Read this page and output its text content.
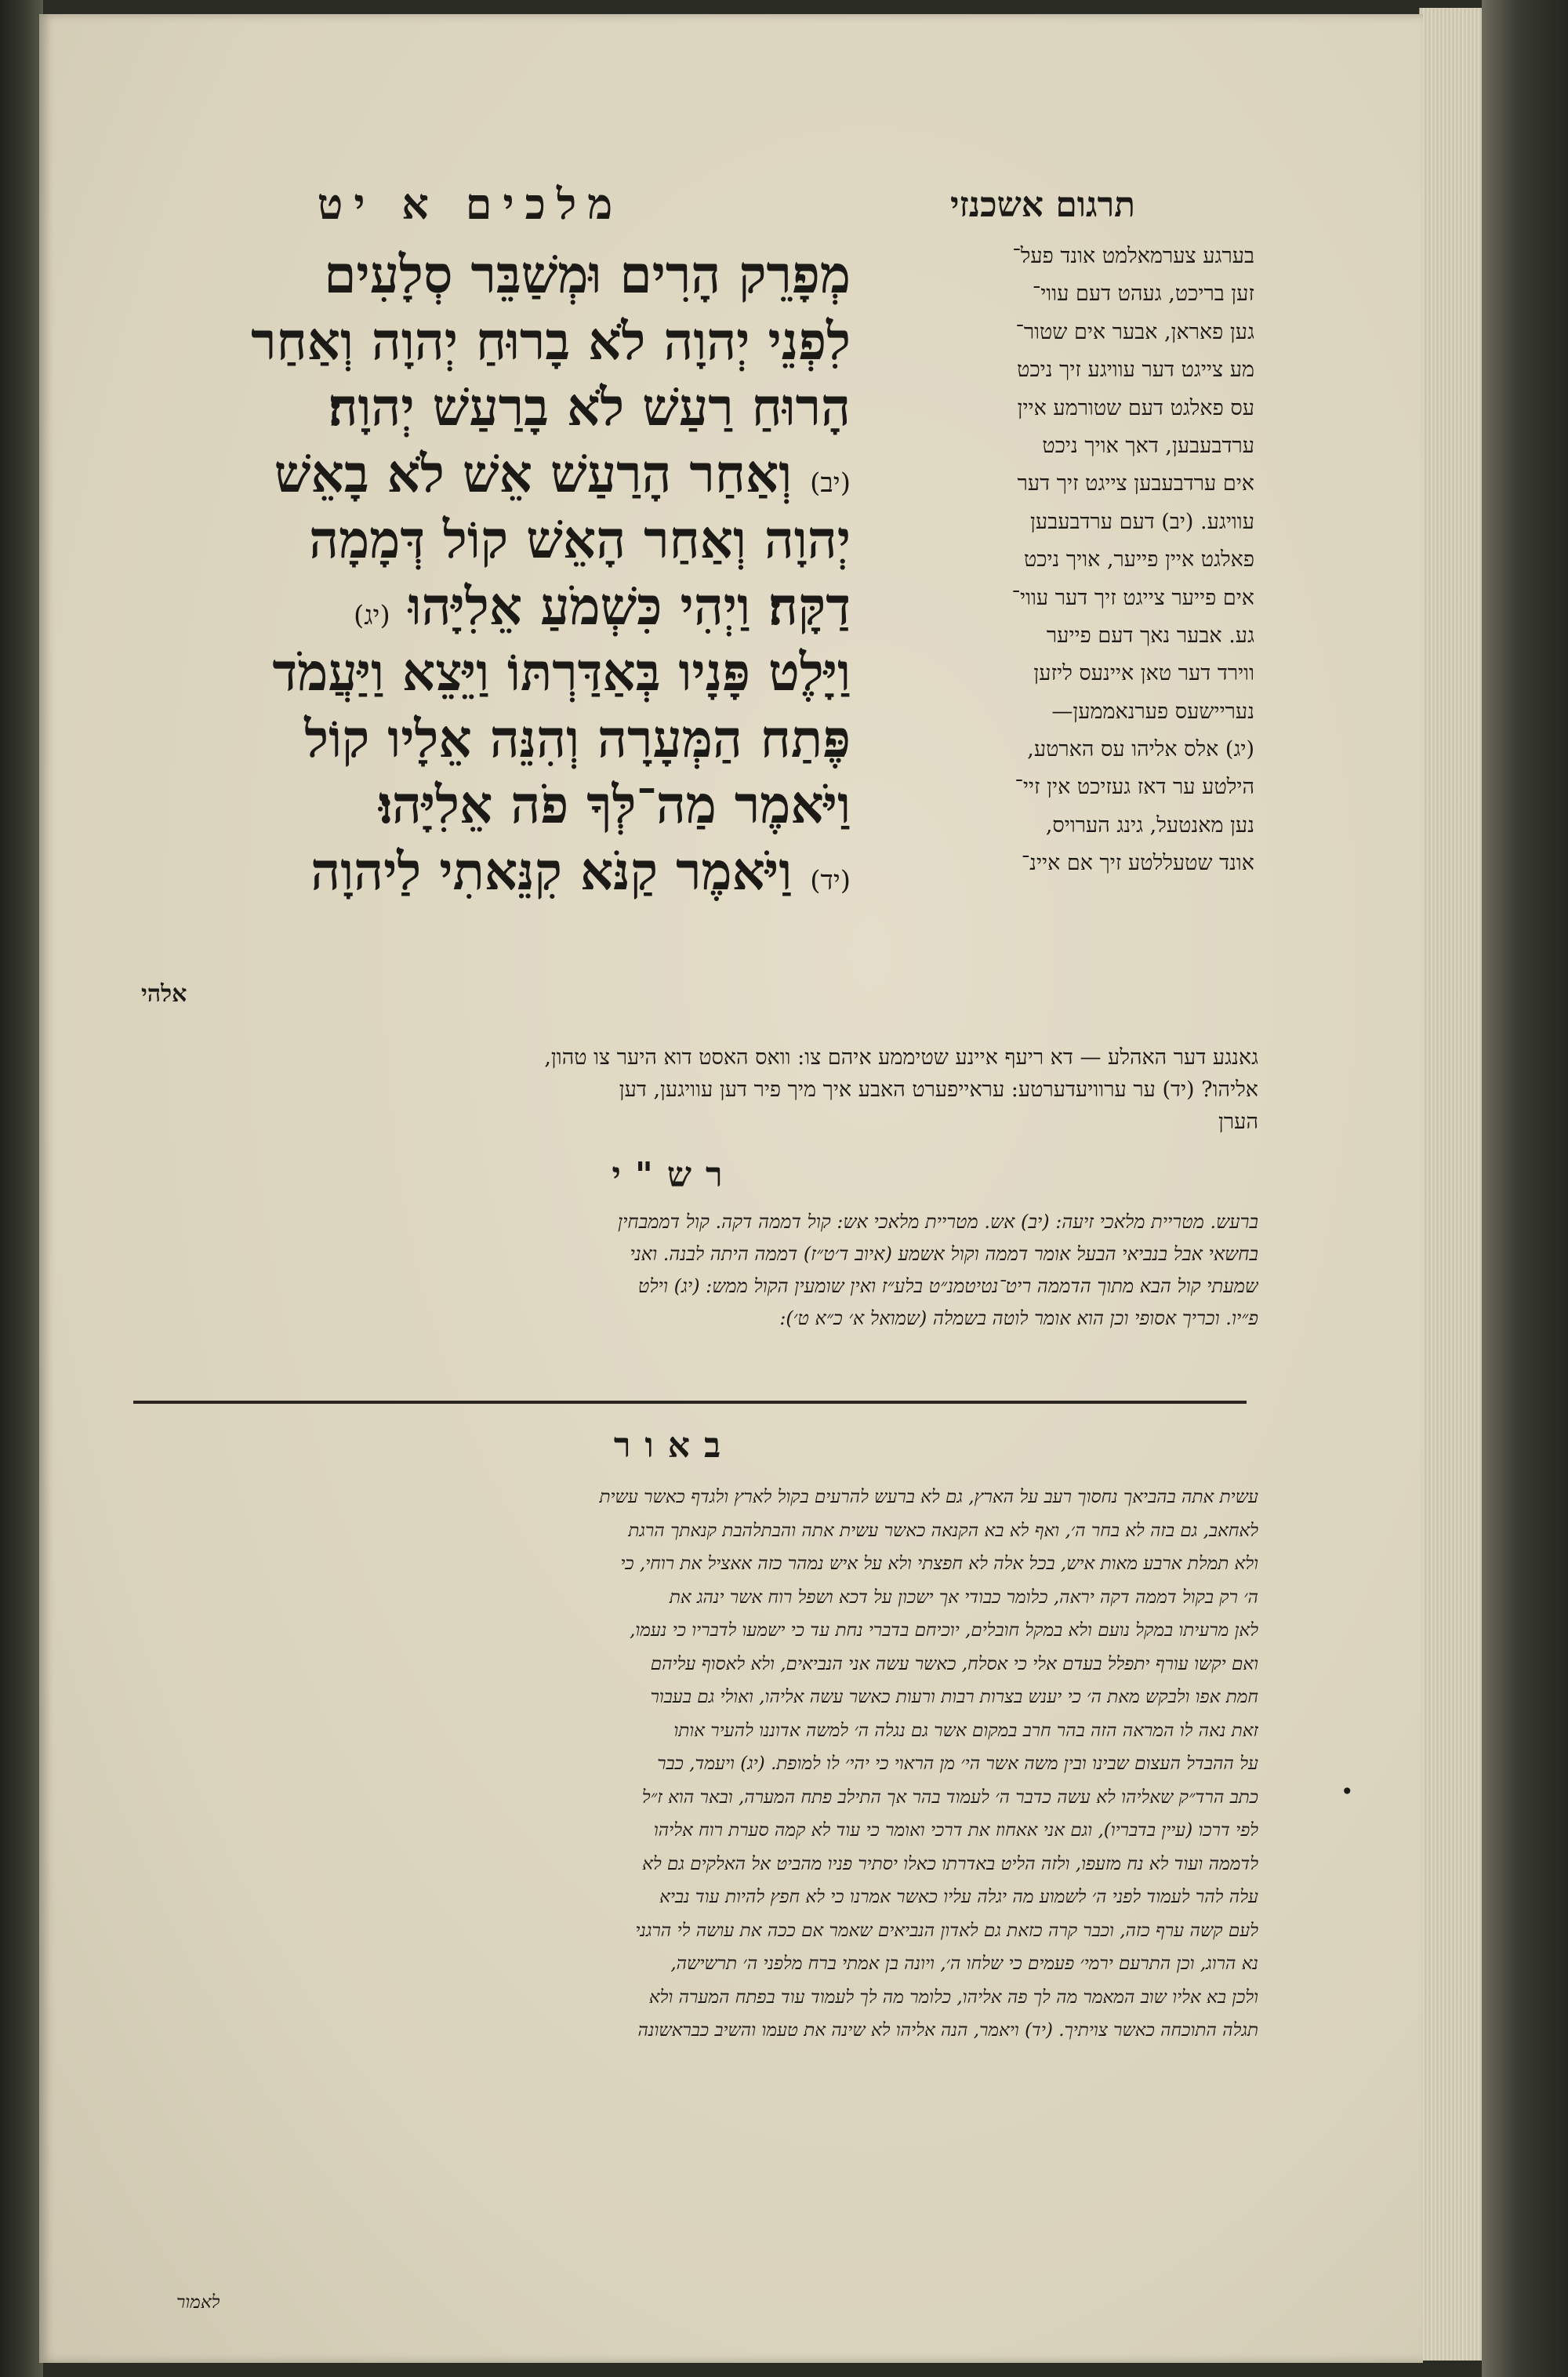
מלכים א יט	תרגום אשכנזי
מְפָרֵק הָרִים וּמְשַׁבֵּר סְלָעִים
לִפְנֵי יְהוָה לֹא בָרוּחַ יְהוָה וְאַחַר
הָרוּחַ רַעַשׁ לֹא בָרַעַשׁ יְהוָה׃
(יב) וְאַחַר הָרַעַשׁ אֵשׁ לֹא בָאֵשׁ
יְהוָה וְאַחַר הָאֵשׁ קוֹל דְּמָמָה
דַקָּה׃ וַיְהִי כִּשְׁמֹעַ אֵלִיָּהוּ (יג)
וַיָּלֶט פָּנָיו בְּאַדַּרְתּוֹ וַיֵּצֵא וַיַּעֲמֹד
פֶּתַח הַמְּעָרָה וְהִנֵּה אֵלָיו קוֹל
וַיֹּאמֶר מַה־לְּךָ פֹה אֵלִיָּהוּ׃
(יד) וַיֹּאמֶר קַנֹּא קִנֵּאתִי לַיהוָה
אלהי
בערגע צערמאלמט אונד פעל־
זען בריכט, געהט דעם עווי־
גען פאראן, אבער אים שטור־
מע צייגט דער עוויגע זיך ניכט
עס פאלגט דעם שטורמע איין
ערדבעבען, דאך אויך ניכט
אים ערדבעבען צייגט זיך דער
עוויגע. (יב) דעם ערדבעבען
פאלגט איין פייער, אויך ניכט
אים פייער צייגט זיך דער עווי־
גע. אבער נאך דעם פייער
ווירד דער טאן איינעס ליזען
נעריישעס פערנאממען—
(יג) אלס אליהו עס הארטע,
הילטע ער דאז געזיכט אין זיי־
נען מאנטעל, גינג הערויס,
אונד שטעללטע זיך אם איינ־
גאנגע דער האהלע — דא ריעף איינע שטיממע איהם צו: וואס האסט דוא היער צו טהון,
אליהו? (יד) ער ערוויעדערטע: עראייפערט האבע איך מיך פיר דען עוויגען, דען
הערן
רש"י
ברעש. מטריית מלאכי זיעה: (יב) אש. מטריית מלאכי אש: קול דממה דקה. קול דממבחין
בחשאי אבל בנביאי הבעל אומר דממה וקול אשמע (איוב ד׳ט״ז) דממה היתה לבנה. ואני
שמעתי קול הבא מתוך הדממה ריט־נטיטמנ״ט בלע״ז ואין שומעין הקול ממש: (יג) וילט
פ״יו. וכריך אסופי וכן הוא אומר לוטה בשמלה (שמואל א׳ כ״א ט׳):
באור
עשית אתה בהביאך נחסוך רעב על הארץ, גם לא ברעש להרעים בקול לארץ ולגדף כאשר עשית
לאחאב, גם בזה לא בחר ה׳, ואף לא בא הקנאה כאשר עשית אתה והבתלהבת קנאתך הרגת
ולא תמלת ארבע מאות איש, בכל אלה לא חפצתי ולא על איש נמהר כזה אאציל את רוחי, כי
ה׳ רק בקול דממה דקה יראה, כלומר כבודי אך ישכון על דכא ושפל רוח אשר ינהג את
לאן מרעיתו במקל נועם ולא במקל חובלים, יוכיחם בדברי נחת עד כי ישמעו לדבריו כי נעמו,
ואם יקשו עורף יתפלל בעדם אלי כי אסלח, כאשר עשה אני הנביאים, ולא לאסוף עליהם
חמת אפו ולבקש מאת ה׳ כי יענש בצרות רבות ורעות כאשר עשה אליהו, ואולי גם בעבור
זאת נאה לו המראה הזה בהר חרב במקום אשר גם נגלה ה׳ למשה אדוננו להעיר אותו
על ההבדל העצום שבינו ובין משה אשר הי׳ מן הראוי כי יהי׳ לו למופת. (יג) ויעמד, כבר
כתב הרד״ק שאליהו לא עשה כדבר ה׳ לעמוד בהר אך התילב פתח המערה, ובאר הוא ז״ל
לפי דרכו (עיין בדבריו), וגם אני אאחוז את דרכי ואומר כי עוד לא קמה סערת רוח אליהו
לדממה ועוד לא נח מזעפו, ולזה הליט באדרתו כאלו יסתיר פניו מהביט אל האלקים גם לא
עלה להר לעמוד לפני ה׳ לשמוע מה יגלה עליו כאשר אמרנו כי לא חפץ להיות עוד נביא
לעם קשה ערף כזה, וכבר קרה כזאת גם לאדון הנביאים שאמר אם ככה את עושה לי הרגני
נא הרוג, וכן התרעם ירמי׳ פעמים כי שלחו ה׳, ויונה בן אמתי ברח מלפני ה׳ תרשישה,
ולכן בא אליו שוב המאמר מה לך פה אליהו, כלומר מה לך לעמוד עוד בפתח המערה ולא
תגלה התוכחה כאשר צויתיך. (יד) ויאמר, הנה אליהו לא שינה את טעמו והשיב כבראשונה
לאמור
•
